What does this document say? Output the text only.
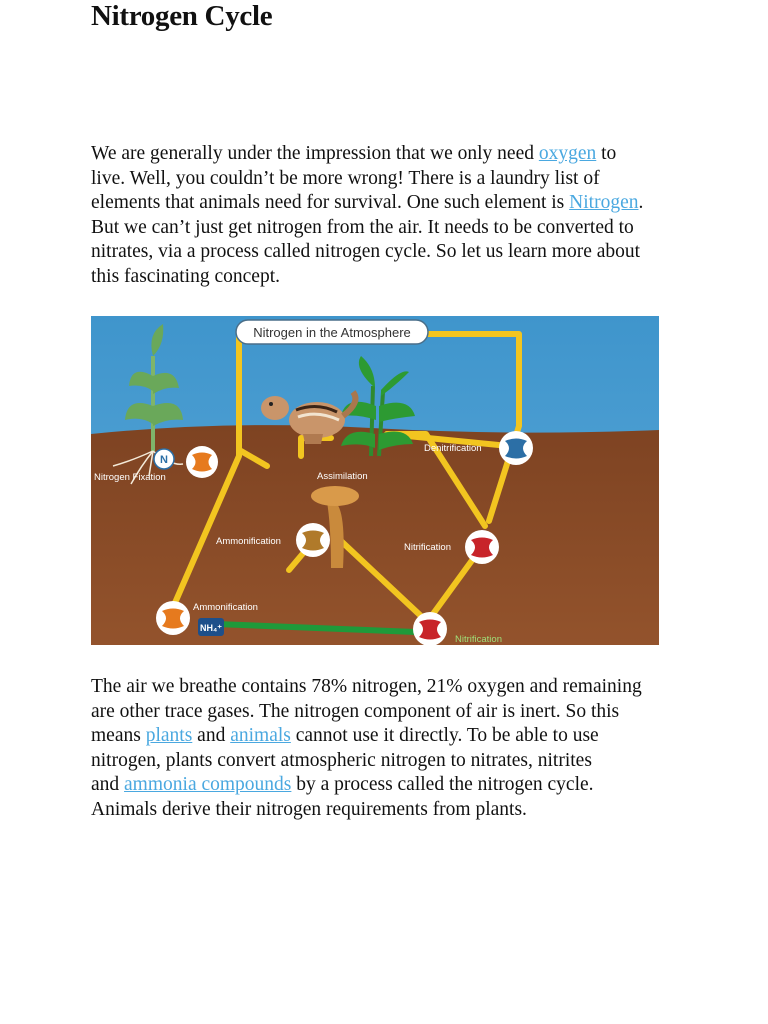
Nitrogen Cycle

We are generally under the impression that we only need oxygen to
live. Well, you couldn’t be more wrong! There is a laundry list of
elements that animals need for survival. One such element is Nitrogen.
But we can’t just get nitrogen from the air. It needs to be converted to
nitrates, via a process called nitrogen cycle. So let us learn more about
this fascinating concept.

The air we breathe contains 78% nitrogen, 21% oxygen and remaining
are other trace gases. The nitrogen component of air is inert. So this
means plants and animals cannot use it directly. To be able to use
nitrogen, plants convert atmospheric nitrogen to nitrates, nitrites
and ammonia compounds by a process called the nitrogen cycle.
Animals derive their nitrogen requirements from plants.

Nitrogen in the Atmosphere
N
NH₄⁺
Nitrogen Fixation	Assimilation
Denitrification
Ammonification
Nitrification
Ammonification
Nitrification
